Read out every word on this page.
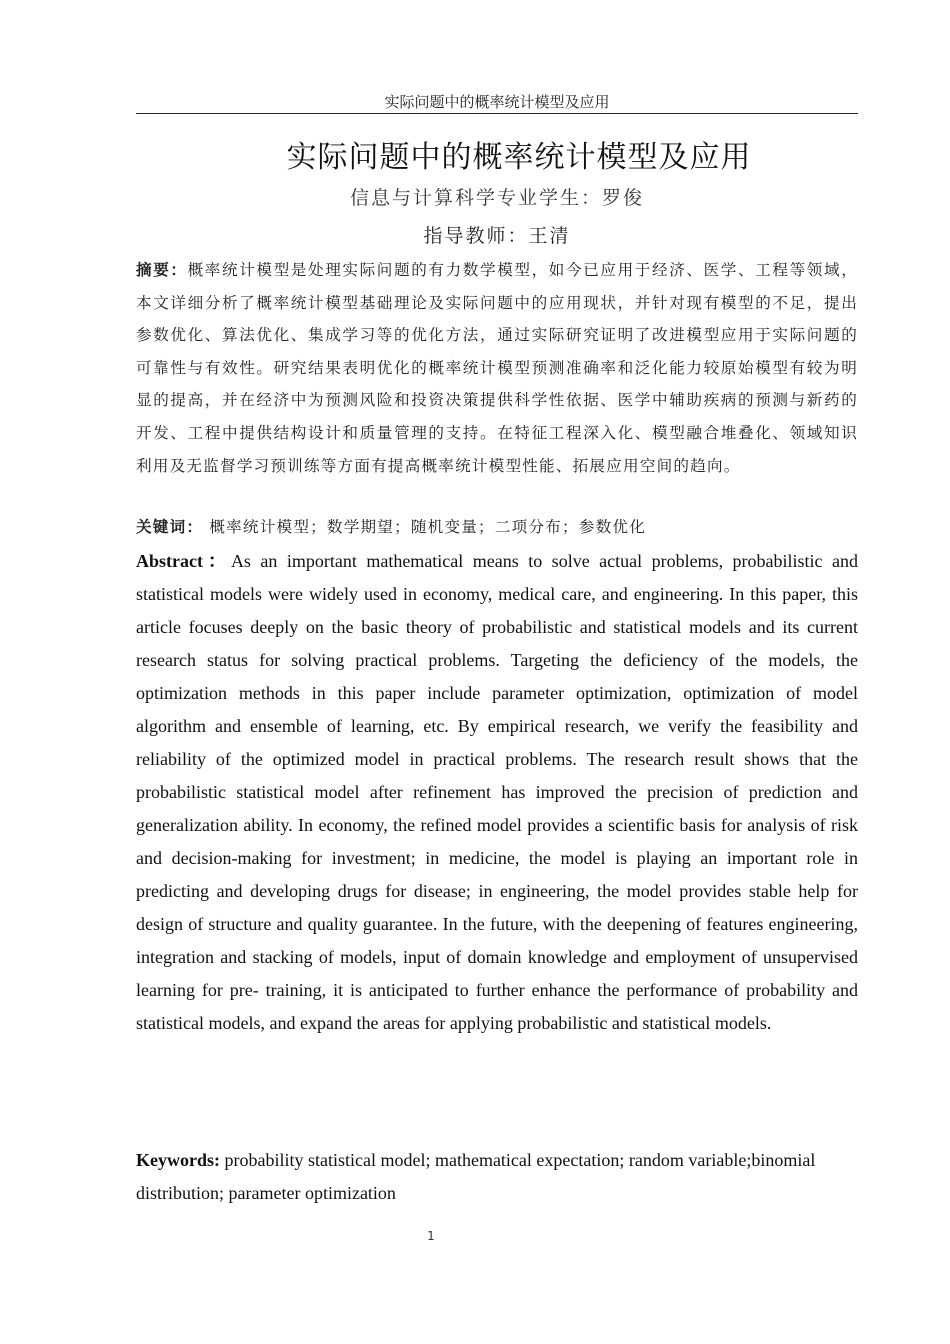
实际问题中的概率统计模型及应用
实际问题中的概率统计模型及应用
信息与计算科学专业学生：罗俊
指导教师：王清
摘要：概率统计模型是处理实际问题的有力数学模型，如今已应用于经济、医学、工程等领域，本文详细分析了概率统计模型基础理论及实际问题中的应用现状，并针对现有模型的不足，提出参数优化、算法优化、集成学习等的优化方法，通过实际研究证明了改进模型应用于实际问题的可靠性与有效性。研究结果表明优化的概率统计模型预测准确率和泛化能力较原始模型有较为明显的提高，并在经济中为预测风险和投资决策提供科学性依据、医学中辅助疾病的预测与新药的开发、工程中提供结构设计和质量管理的支持。在特征工程深入化、模型融合堆叠化、领域知识利用及无监督学习预训练等方面有提高概率统计模型性能、拓展应用空间的趋向。
关键词： 概率统计模型；数学期望；随机变量；二项分布；参数优化
Abstract：As an important mathematical means to solve actual problems, probabilistic and statistical models were widely used in economy, medical care, and engineering. In this paper, this article focuses deeply on the basic theory of probabilistic and statistical models and its current research status for solving practical problems. Targeting the deficiency of the models, the optimization methods in this paper include parameter optimization, optimization of model algorithm and ensemble of learning, etc. By empirical research, we verify the feasibility and reliability of the optimized model in practical problems. The research result shows that the probabilistic statistical model after refinement has improved the precision of prediction and generalization ability. In economy, the refined model provides a scientific basis for analysis of risk and decision-making for investment; in medicine, the model is playing an important role in predicting and developing drugs for disease; in engineering, the model provides stable help for design of structure and quality guarantee. In the future, with the deepening of features engineering, integration and stacking of models, input of domain knowledge and employment of unsupervised learning for pre- training, it is anticipated to further enhance the performance of probability and statistical models, and expand the areas for applying probabilistic and statistical models.
Keywords: probability statistical model; mathematical expectation; random variable;binomial distribution; parameter optimization
1
